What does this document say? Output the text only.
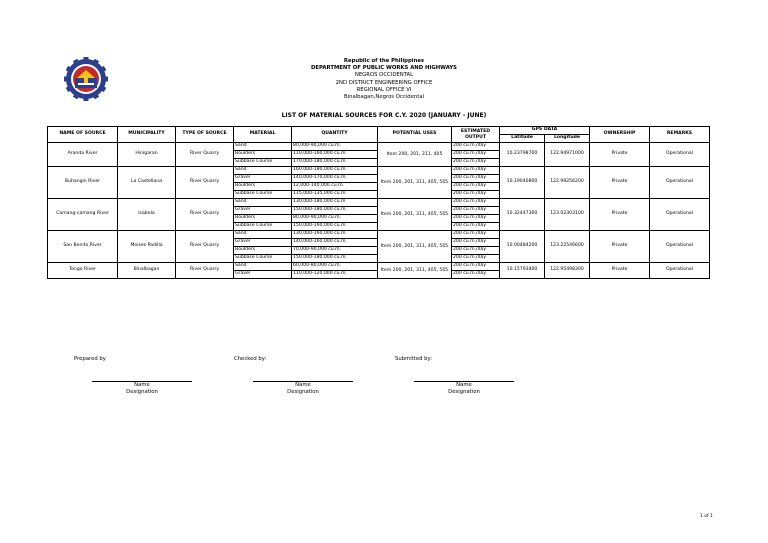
Republic of the Philippines
DEPARTMENT OF PUBLIC WORKS AND HIGHWAYS
NEGROS OCCIDENTAL
2ND DISTRICT ENGINEERING OFFICE
REGIONAL OFFICE VI
Binalbagan,Negros Occidental
LIST OF MATERIAL SOURCES FOR C.Y. 2020 (JANUARY - JUNE)
NAME OF SOURCE	MUNICIPALITY	TYPE OF SOURCE	MATERIAL	QUANTITY	POTENTIAL USES	ESTIMATED OUTPUT	GPS DATA		OWNERSHIP	REMARKS
							Latitude	Longitude		
Aranda River	Hinigaran	River Quarry	Sand	80,000-90,000 cu.m.	Item 200, 201, 311, 405	200 cu.m./day	10.23798700	122.94971000	Private	Operational
			Boulders	110,000-160,000 cu.m.		200 cu.m./day				
			Subbase Course	170,000-180,000 cu.m.		200 cu.m./day				
Buhangin River	La Castellana	River Quarry	Sand	160,000-180,000 cu.m.	Item 200, 201, 311, 405, 505	200 cu.m./day	10.19040800	122.99256200	Private	Operational
			Gravel	140,000-170,000 cu.m.		200 cu.m./day				
			Boulders	12,000-140,000 cu.m.		200 cu.m./day				
			Subbase Course	115,000-135,000 cu.m.		200 cu.m./day				
Camang-camang River	Isabela	River Quarry	Sand	130,000-180,000 cu.m	Item 200, 201, 311, 405, 505	200 cu.m./day	10.32447300	123.02303100	Private	Operational
			Gravel	150,000-180,000 cu.m.		200 cu.m./day				
			Boulders	80,000-90,000 cu.m.		200 cu.m./day				
			Subbase Course	150,000-160,000 cu.m.		200 cu.m./day				
San Benito River	Moises Padilla	River Quarry	Sand	130,000-160,000 cu.m.	Item 200, 201, 311, 405, 505	200 cu.m./day	10.00484200	123.22546600	Private	Operational
			Gravel	140,000-160,000 cu.m.		200 cu.m./day				
			Boulders	70,000-90,000 cu.m.		200 cu.m./day				
			Subbase Course	150,000-180,000 cu.m.		200 cu.m./day				
Tongo River	Binalbagan	River Quarry	Sand	60,000-80,000 cu.m.	Item 200, 201, 311, 405, 505	200 cu.m./day	10.15793400	122.95498300	Private	Operational
			Gravel	110,000-120,000 cu.m.		200 cu.m./day				
Prepared by	Checked by:	Submitted by:
Name
Designation
Name
Designation
Name
Designation
1 of 1
